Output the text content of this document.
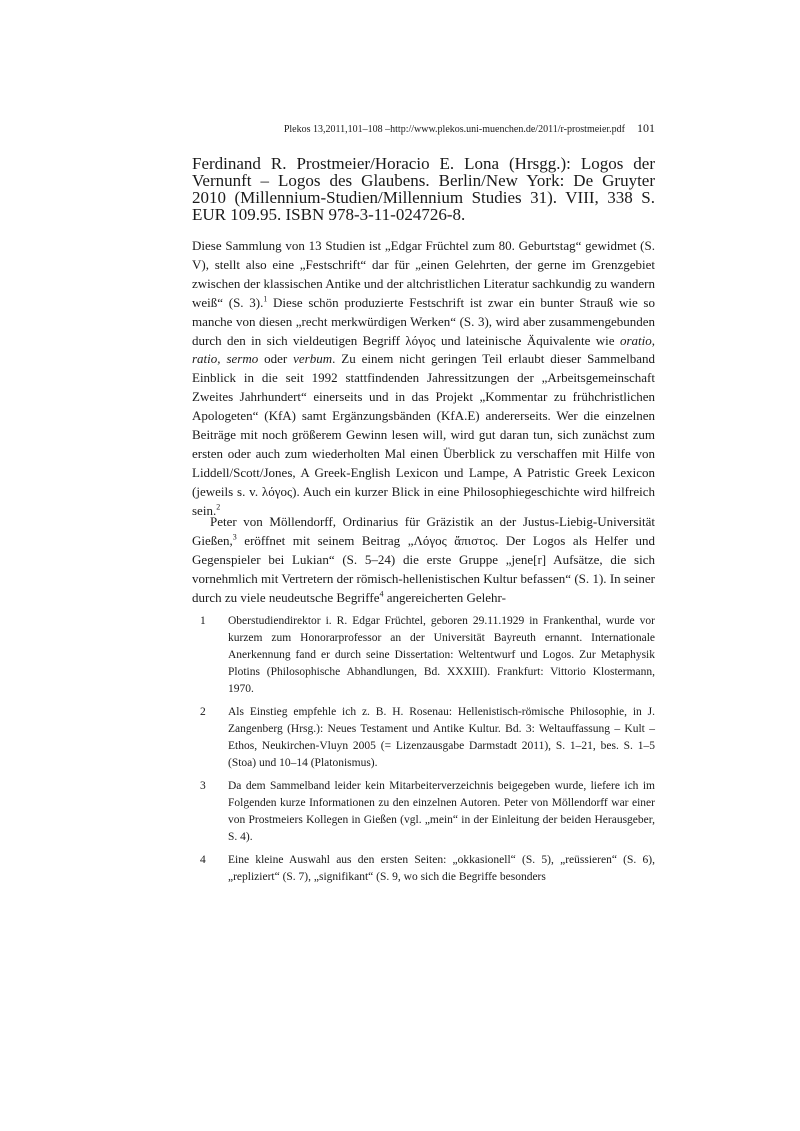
Plekos 13,2011,101–108 –http://www.plekos.uni-muenchen.de/2011/r-prostmeier.pdf 101
Ferdinand R. Prostmeier/Horacio E. Lona (Hrsgg.): Logos der Vernunft – Logos des Glaubens. Berlin/New York: De Gruyter 2010 (Millennium-Studien/Millennium Studies 31). VIII, 338 S. EUR 109.95. ISBN 978-3-11-024726-8.

Diese Sammlung von 13 Studien ist „Edgar Früchtel zum 80. Geburtstag“ gewidmet (S. V), stellt also eine „Festschrift“ dar für „einen Gelehrten, der gerne im Grenzgebiet zwischen der klassischen Antike und der altchristlichen Literatur sachkundig zu wandern weiß“ (S. 3).$^1$ Diese schön produzierte Festschrift ist zwar ein bunter Strauß wie so manche von diesen „recht merkwürdigen Werken“ (S. 3), wird aber zusammengebunden durch den in sich vieldeutigen Begriff λόγος und lateinische Äquivalente wie oratio, ratio, sermo oder verbum. Zu einem nicht geringen Teil erlaubt dieser Sammelband Einblick in die seit 1992 stattfindenden Jahressitzungen der „Arbeitsgemeinschaft Zweites Jahrhundert“ einerseits und in das Projekt „Kommentar zu frühchristlichen Apologeten“ (KfA) samt Ergänzungsbänden (KfA.E) andererseits. Wer die einzelnen Beiträge mit noch größerem Gewinn lesen will, wird gut daran tun, sich zunächst zum ersten oder auch zum wiederholten Mal einen Überblick zu verschaffen mit Hilfe von Liddell/Scott/Jones, A Greek-English Lexicon und Lampe, A Patristic Greek Lexicon (jeweils s. v. λόγος). Auch ein kurzer Blick in eine Philosophiegeschichte wird hilfreich sein.$^2$

Peter von Möllendorff, Ordinarius für Gräzistik an der Justus-Liebig-Universität Gießen,$^3$ eröffnet mit seinem Beitrag „Λόγος ἄπιστος. Der Logos als Helfer und Gegenspieler bei Lukian“ (S. 5–24) die erste Gruppe „jene[r] Aufsätze, die sich vornehmlich mit Vertretern der römisch-hellenistischen Kultur befassen“ (S. 1). In seiner durch zu viele neudeutsche Begriffe$^4$ angereicherten Gelehr-

1 Oberstudiendirektor i. R. Edgar Früchtel, geboren 29.11.1929 in Frankenthal, wurde vor kurzem zum Honorarprofessor an der Universität Bayreuth ernannt. Internationale Anerkennung fand er durch seine Dissertation: Weltentwurf und Logos. Zur Metaphysik Plotins (Philosophische Abhandlungen, Bd. XXXIII). Frankfurt: Vittorio Klostermann, 1970.
2 Als Einstieg empfehle ich z. B. H. Rosenau: Hellenistisch-römische Philosophie, in J. Zangenberg (Hrsg.): Neues Testament und Antike Kultur. Bd. 3: Weltauffassung – Kult – Ethos, Neukirchen-Vluyn 2005 (= Lizenzausgabe Darmstadt 2011), S. 1–21, bes. S. 1–5 (Stoa) und 10–14 (Platonismus).
3 Da dem Sammelband leider kein Mitarbeiterverzeichnis beigegeben wurde, liefere ich im Folgenden kurze Informationen zu den einzelnen Autoren. Peter von Möllendorff war einer von Prostmeiers Kollegen in Gießen (vgl. „mein“ in der Einleitung der beiden Herausgeber, S. 4).
4 Eine kleine Auswahl aus den ersten Seiten: „okkasionell“ (S. 5), „reüssieren“ (S. 6), „repliziert“ (S. 7), „signifikant“ (S. 9, wo sich die Begriffe besonders
